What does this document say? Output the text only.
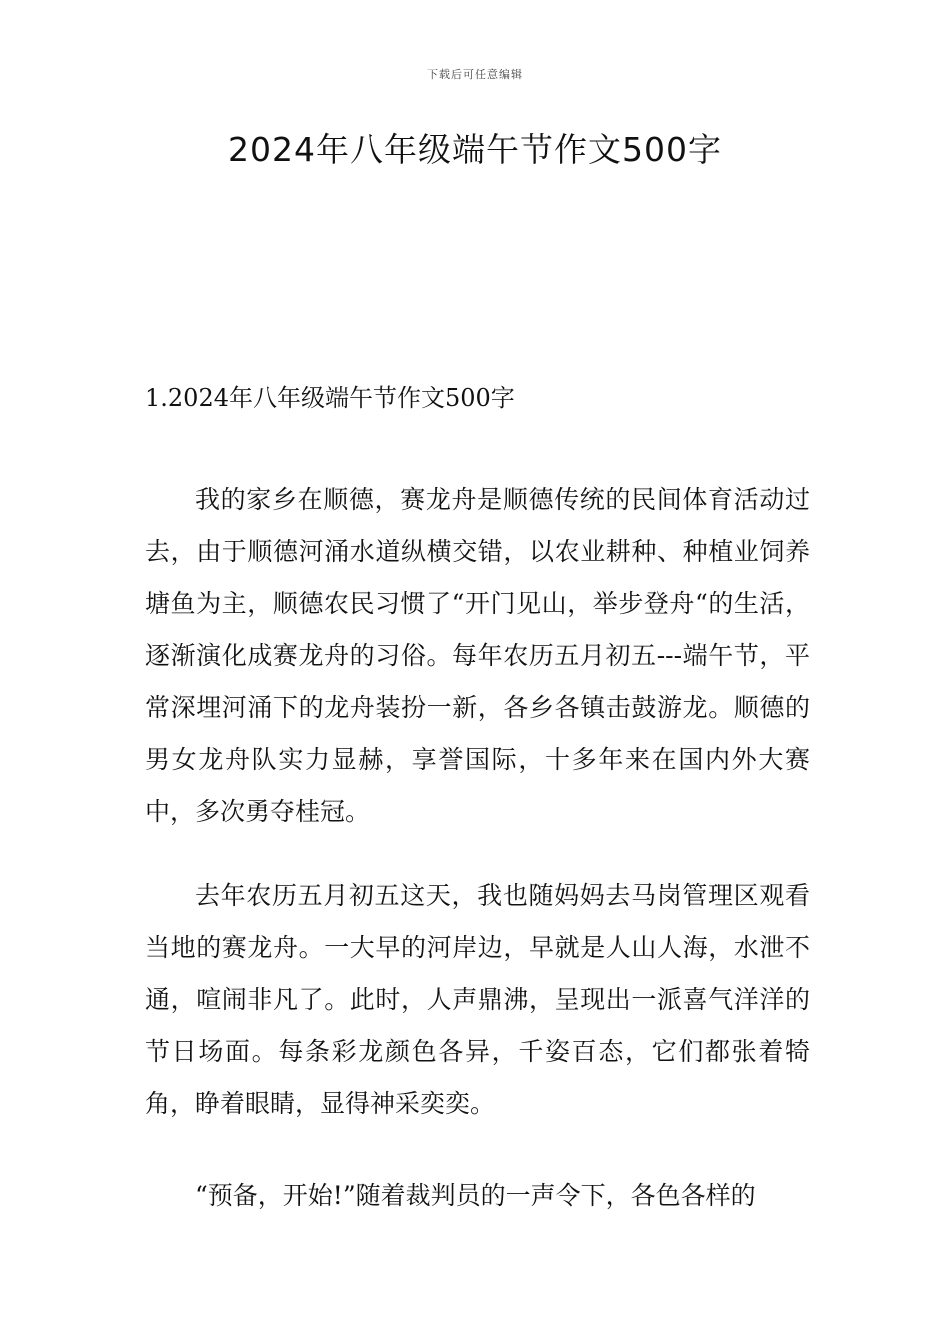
下载后可任意编辑
2024年八年级端午节作文500字
1.2024年八年级端午节作文500字

我的家乡在顺德，赛龙舟是顺德传统的民间体育活动过去，由于顺德河涌水道纵横交错，以农业耕种、种植业饲养塘鱼为主，顺德农民习惯了“开门见山，举步登舟“的生活，逐渐演化成赛龙舟的习俗。每年农历五月初五---端午节，平常深埋河涌下的龙舟装扮一新，各乡各镇击鼓游龙。顺德的男女龙舟队实力显赫，享誉国际，十多年来在国内外大赛中，多次勇夺桂冠。

去年农历五月初五这天，我也随妈妈去马岗管理区观看当地的赛龙舟。一大早的河岸边，早就是人山人海，水泄不通，喧闹非凡了。此时，人声鼎沸，呈现出一派喜气洋洋的节日场面。每条彩龙颜色各异，千姿百态，它们都张着犄角，睁着眼睛，显得神采奕奕。

“预备，开始!”随着裁判员的一声令下，各色各样的
